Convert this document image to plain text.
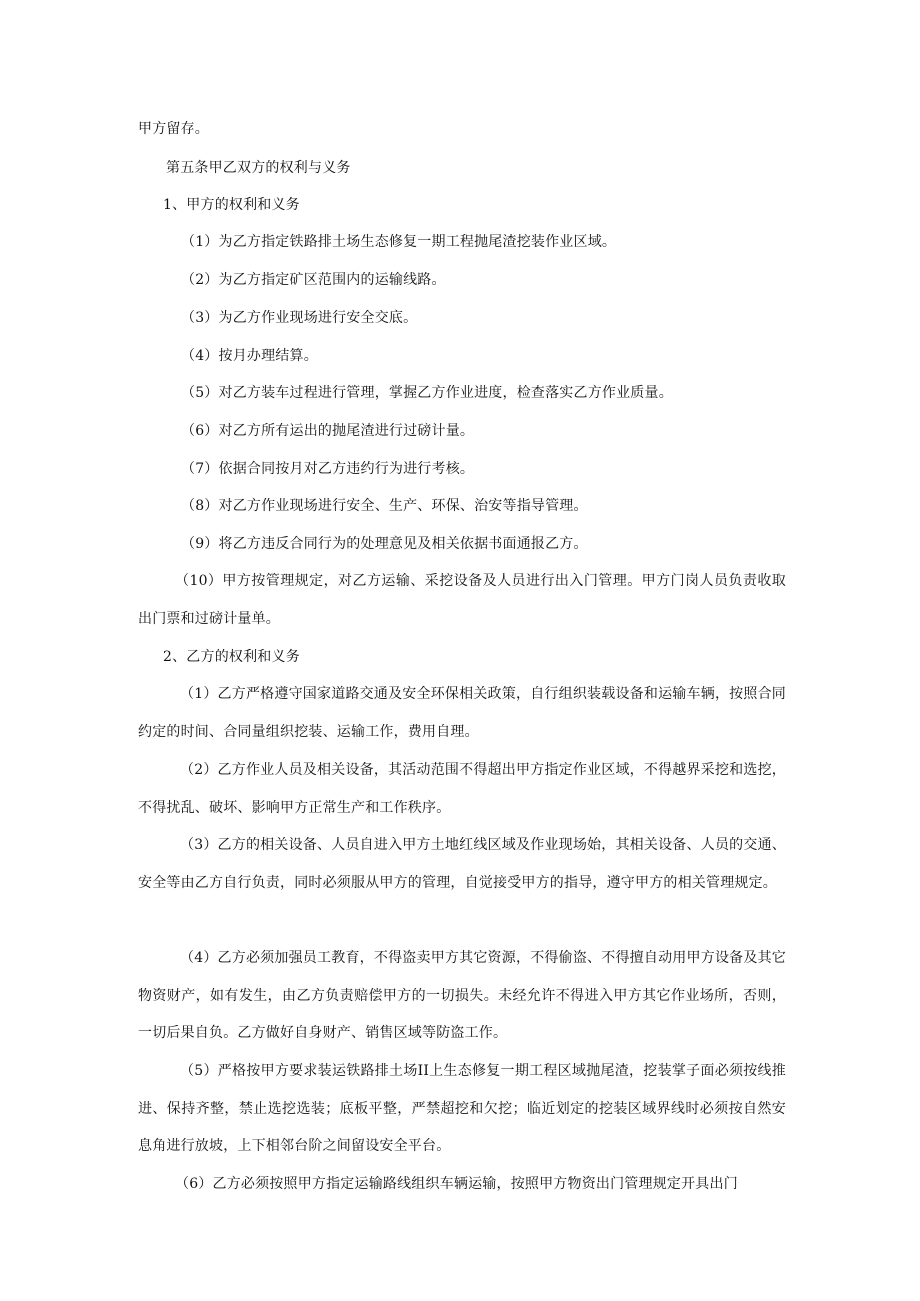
甲方留存。
第五条甲乙双方的权利与义务
1、甲方的权利和义务
（1）为乙方指定铁路排土场生态修复一期工程抛尾渣挖装作业区域。
（2）为乙方指定矿区范围内的运输线路。
（3）为乙方作业现场进行安全交底。
（4）按月办理结算。
（5）对乙方装车过程进行管理，掌握乙方作业进度，检查落实乙方作业质量。
（6）对乙方所有运出的抛尾渣进行过磅计量。
（7）依据合同按月对乙方违约行为进行考核。
（8）对乙方作业现场进行安全、生产、环保、治安等指导管理。
（9）将乙方违反合同行为的处理意见及相关依据书面通报乙方。
（10）甲方按管理规定，对乙方运输、采挖设备及人员进行出入门管理。甲方门岗人员负责收取出门票和过磅计量单。
2、乙方的权利和义务
（1）乙方严格遵守国家道路交通及安全环保相关政策，自行组织装载设备和运输车辆，按照合同约定的时间、合同量组织挖装、运输工作，费用自理。
（2）乙方作业人员及相关设备，其活动范围不得超出甲方指定作业区域，不得越界采挖和选挖，不得扰乱、破坏、影响甲方正常生产和工作秩序。
（3）乙方的相关设备、人员自进入甲方土地红线区域及作业现场始，其相关设备、人员的交通、安全等由乙方自行负责，同时必须服从甲方的管理，自觉接受甲方的指导，遵守甲方的相关管理规定。
（4）乙方必须加强员工教育，不得盗卖甲方其它资源，不得偷盗、不得擅自动用甲方设备及其它物资财产，如有发生，由乙方负责赔偿甲方的一切损失。未经允许不得进入甲方其它作业场所，否则，一切后果自负。乙方做好自身财产、销售区域等防盗工作。
（5）严格按甲方要求装运铁路排土场II上生态修复一期工程区域抛尾渣，挖装掌子面必须按线推进、保持齐整，禁止选挖选装；底板平整，严禁超挖和欠挖；临近划定的挖装区域界线时必须按自然安息角进行放坡，上下相邻台阶之间留设安全平台。
（6）乙方必须按照甲方指定运输路线组织车辆运输，按照甲方物资出门管理规定开具出门
